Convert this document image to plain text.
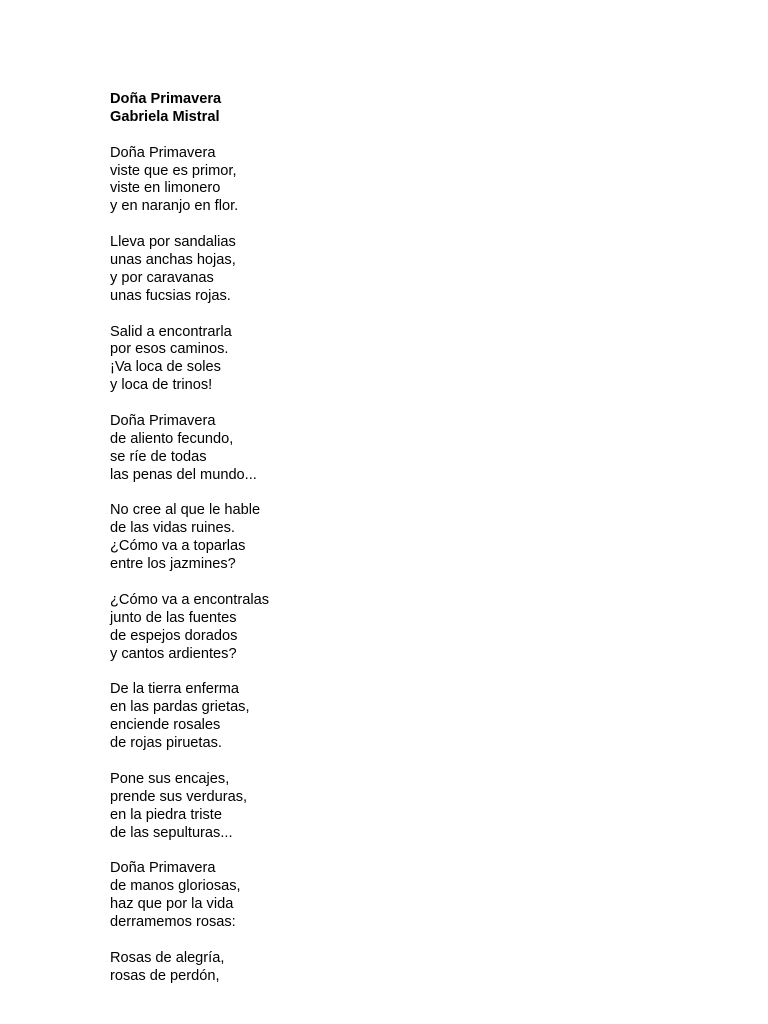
Doña Primavera
Gabriela Mistral
Doña Primavera
viste que es primor,
viste en limonero
y en naranjo en flor.
Lleva por sandalias
unas anchas hojas,
y por caravanas
unas fucsias rojas.
Salid a encontrarla
por esos caminos.
¡Va loca de soles
y loca de trinos!
Doña Primavera
de aliento fecundo,
se ríe de todas
las penas del mundo...
No cree al que le hable
de las vidas ruines.
¿Cómo va a toparlas
entre los jazmines?
¿Cómo va a encontralas
junto de las fuentes
de espejos dorados
y cantos ardientes?
De la tierra enferma
en las pardas grietas,
enciende rosales
de rojas piruetas.
Pone sus encajes,
prende sus verduras,
en la piedra triste
de las sepulturas...
Doña Primavera
de manos gloriosas,
haz que por la vida
derramemos rosas:
Rosas de alegría,
rosas de perdón,
